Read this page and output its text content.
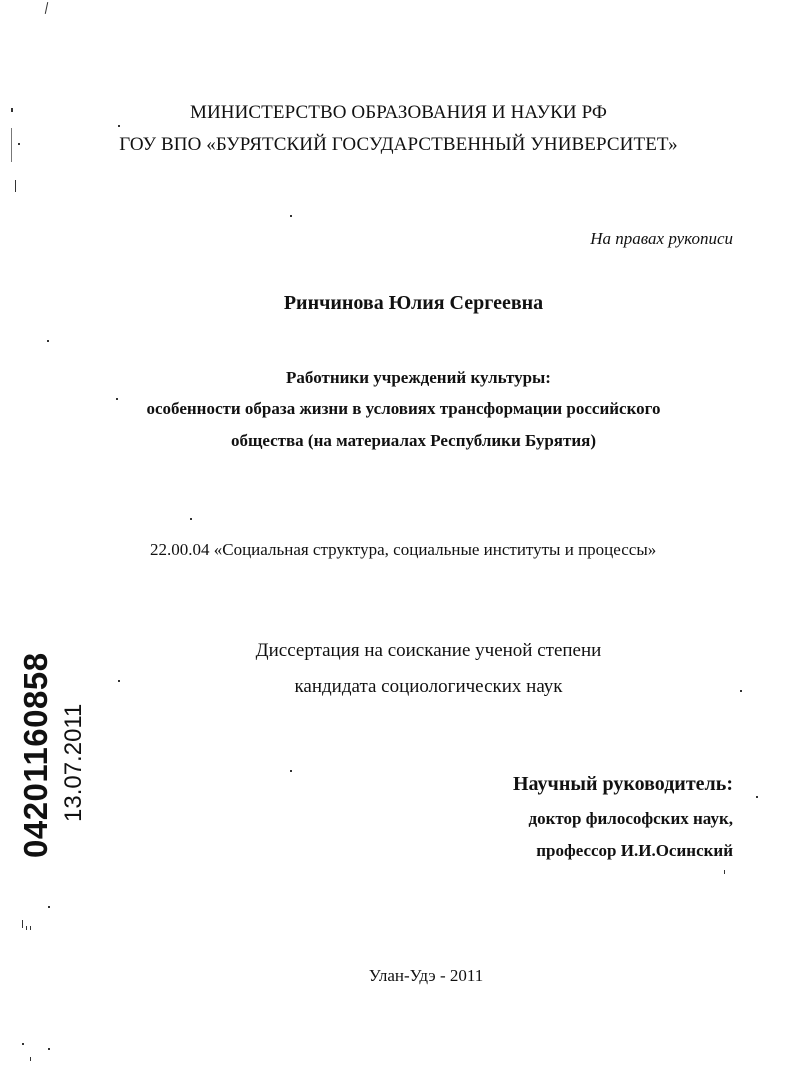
МИНИСТЕРСТВО ОБРАЗОВАНИЯ И НАУКИ РФ
ГОУ ВПО «БУРЯТСКИЙ ГОСУДАРСТВЕННЫЙ УНИВЕРСИТЕТ»
На правах рукописи
Ринчинова Юлия Сергеевна
Работники учреждений культуры:
особенности образа жизни в условиях трансформации российского
общества (на материалах Республики Бурятия)
22.00.04 «Социальная структура, социальные институты и процессы»
Диссертация на соискание ученой степени
кандидата социологических наук
Научный руководитель:
доктор философских наук,
профессор И.И.Осинский
Улан-Удэ - 2011
04201160858 13.07.2011
